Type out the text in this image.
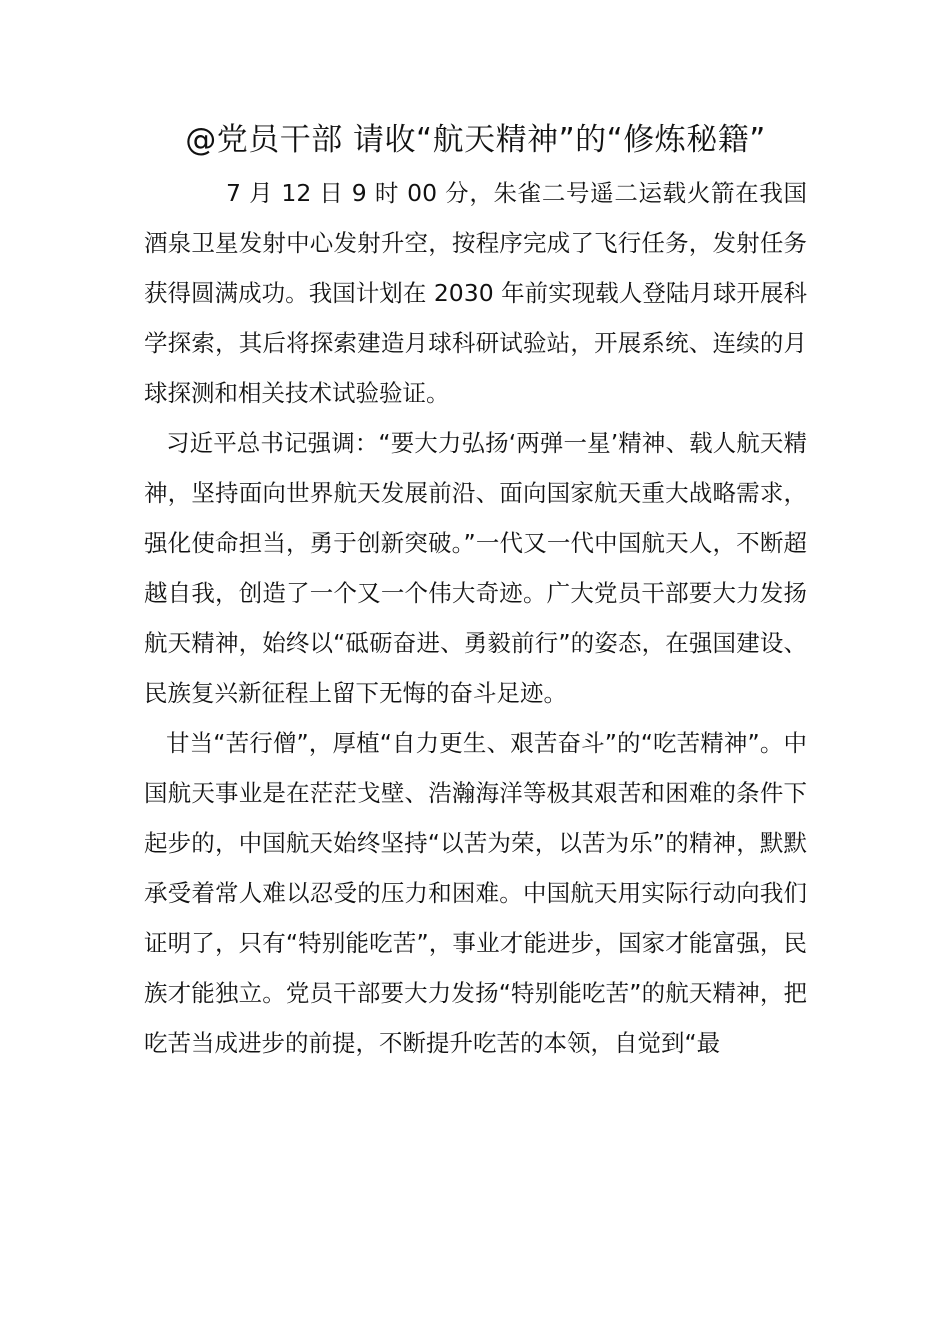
@党员干部 请收“航天精神”的“修炼秘籍”

7 月 12 日 9 时 00 分，朱雀二号遥二运载火箭在我国酒泉卫星发射中心发射升空，按程序完成了飞行任务，发射任务获得圆满成功。我国计划在 2030 年前实现载人登陆月球开展科学探索，其后将探索建造月球科研试验站，开展系统、连续的月球探测和相关技术试验验证。

习近平总书记强调：“要大力弘扬‘两弹一星’精神、载人航天精神，坚持面向世界航天发展前沿、面向国家航天重大战略需求，强化使命担当，勇于创新突破。”一代又一代中国航天人，不断超越自我，创造了一个又一个伟大奇迹。广大党员干部要大力发扬航天精神，始终以“砥砺奋进、勇毅前行”的姿态，在强国建设、民族复兴新征程上留下无悔的奋斗足迹。

甘当“苦行僧”，厚植“自力更生、艰苦奋斗”的“吃苦精神”。中国航天事业是在茫茫戈壁、浩瀚海洋等极其艰苦和困难的条件下起步的，中国航天始终坚持“以苦为荣，以苦为乐”的精神，默默承受着常人难以忍受的压力和困难。中国航天用实际行动向我们证明了，只有“特别能吃苦”，事业才能进步，国家才能富强，民族才能独立。党员干部要大力发扬“特别能吃苦”的航天精神，把吃苦当成进步的前提，不断提升吃苦的本领，自觉到“最
